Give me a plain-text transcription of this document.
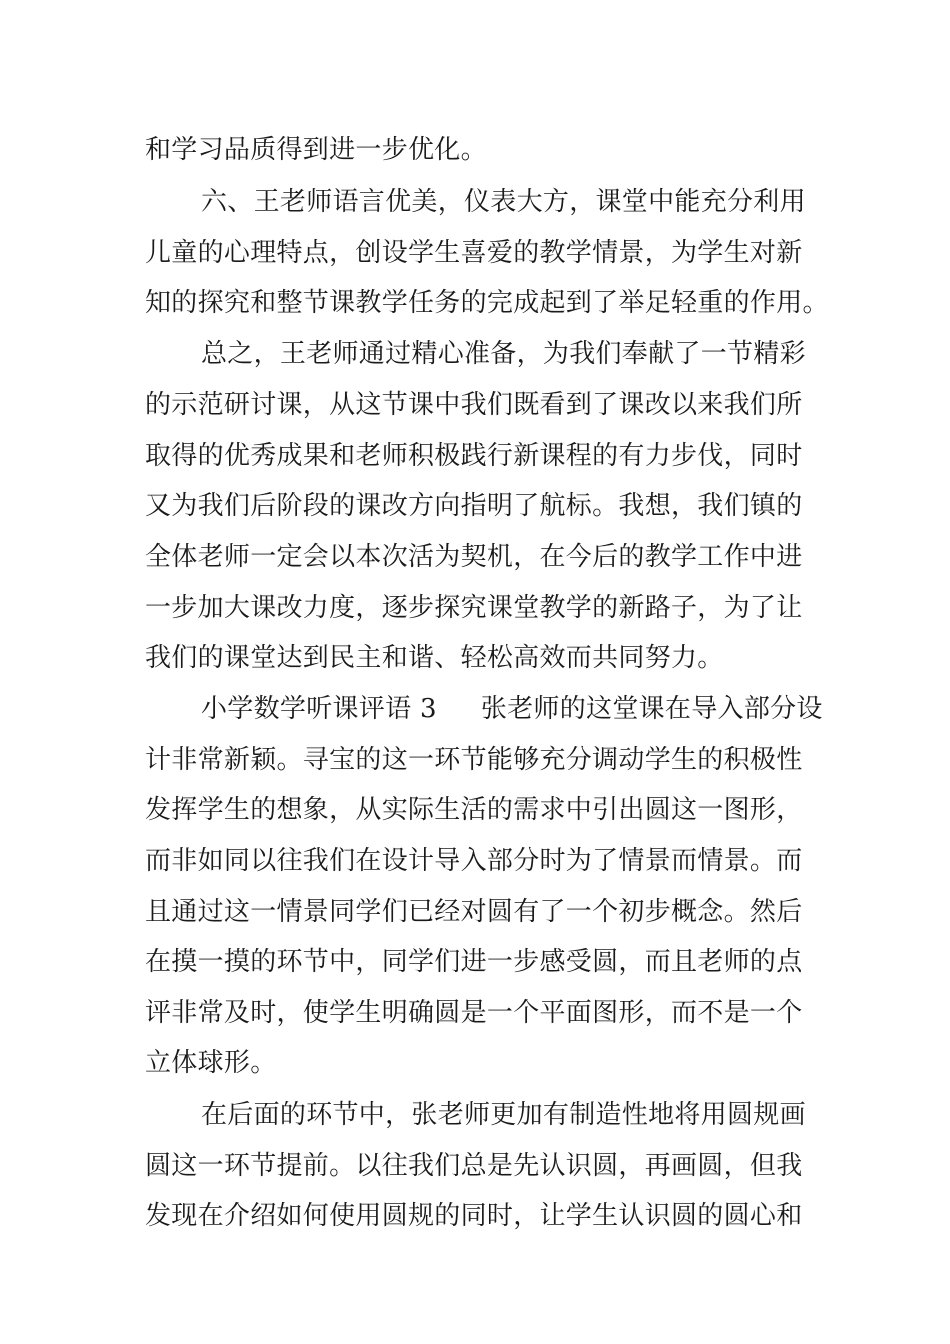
和学习品质得到进一步优化。

六、王老师语言优美，仪表大方，课堂中能充分利用

儿童的心理特点，创设学生喜爱的教学情景，为学生对新

知的探究和整节课教学任务的完成起到了举足轻重的作用。

总之，王老师通过精心准备，为我们奉献了一节精彩

的示范研讨课，从这节课中我们既看到了课改以来我们所

取得的优秀成果和老师积极践行新课程的有力步伐，同时

又为我们后阶段的课改方向指明了航标。我想，我们镇的

全体老师一定会以本次活为契机，在今后的教学工作中进

一步加大课改力度，逐步探究课堂教学的新路子，为了让

我们的课堂达到民主和谐、轻松高效而共同努力。

小学数学听课评语 3 张老师的这堂课在导入部分设

计非常新颖。寻宝的这一环节能够充分调动学生的积极性

发挥学生的想象，从实际生活的需求中引出圆这一图形，

而非如同以往我们在设计导入部分时为了情景而情景。而

且通过这一情景同学们已经对圆有了一个初步概念。然后

在摸一摸的环节中，同学们进一步感受圆，而且老师的点

评非常及时，使学生明确圆是一个平面图形，而不是一个

立体球形。

在后面的环节中，张老师更加有制造性地将用圆规画

圆这一环节提前。以往我们总是先认识圆，再画圆，但我

发现在介绍如何使用圆规的同时，让学生认识圆的圆心和
